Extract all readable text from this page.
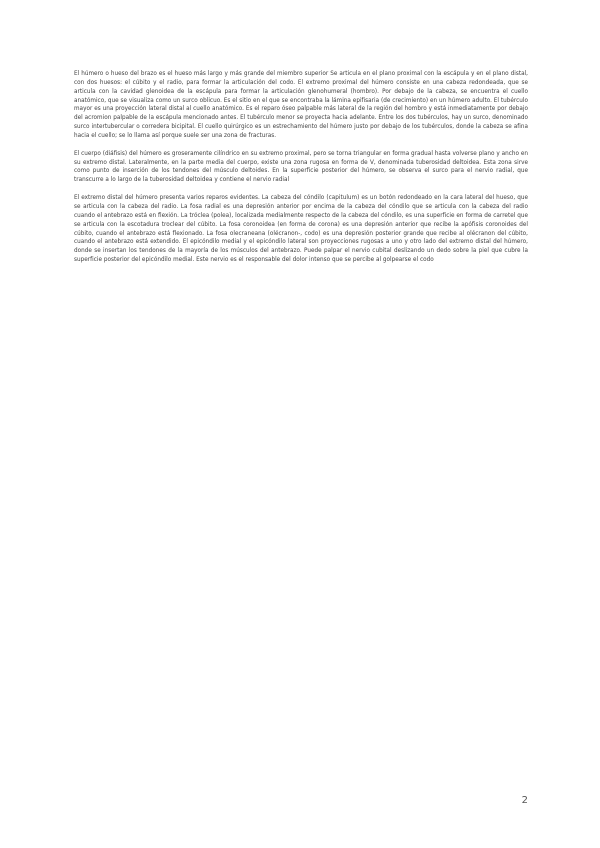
El húmero o hueso del brazo es el hueso más largo y más grande del miembro superior Se articula en el plano proximal con la escápula y en el plano distal, con dos huesos: el cúbito y el radio, para formar la articulación del codo. El extremo proximal del húmero consiste en una cabeza redondeada, que se articula con la cavidad glenoidea de la escápula para formar la articulación glenohumeral (hombro). Por debajo de la cabeza, se encuentra el cuello anatómico, que se visualiza como un surco oblicuo. Es el sitio en el que se encontraba la lámina epifisaria (de crecimiento) en un húmero adulto. El tubérculo mayor es una proyección lateral distal al cuello anatómico. Es el reparo óseo palpable más lateral de la región del hombro y está inmediatamente por debajo del acromion palpable de la escápula mencionado antes. El tubérculo menor se proyecta hacia adelante. Entre los dos tubérculos, hay un surco, denominado surco intertubercular o corredera bicipital. El cuello quirúrgico es un estrechamiento del húmero justo por debajo de los tubérculos, donde la cabeza se afina hacia el cuello; se lo llama así porque suele ser una zona de fracturas.

El cuerpo (diáfisis) del húmero es groseramente cilíndrico en su extremo proximal, pero se torna triangular en forma gradual hasta volverse plano y ancho en su extremo distal. Lateralmente, en la parte media del cuerpo, existe una zona rugosa en forma de V, denominada tuberosidad deltoidea. Esta zona sirve como punto de inserción de los tendones del músculo deltoides. En la superficie posterior del húmero, se observa el surco para el nervio radial, que transcurre a lo largo de la tuberosidad deltoidea y contiene el nervio radial

El extremo distal del húmero presenta varios reparos evidentes. La cabeza del cóndilo (capitulum) es un botón redondeado en la cara lateral del hueso, que se articula con la cabeza del radio. La fosa radial es una depresión anterior por encima de la cabeza del cóndilo que se articula con la cabeza del radio cuando el antebrazo está en flexión. La tróclea (polea), localizada medialmente respecto de la cabeza del cóndilo, es una superficie en forma de carretel que se articula con la escotadura troclear del cúbito. La fosa coronoidea (en forma de corona) es una depresión anterior que recibe la apófisis coronoides del cúbito, cuando el antebrazo está flexionado. La fosa olecraneana (olécranon-, codo) es una depresión posterior grande que recibe al olécranon del cúbito, cuando el antebrazo está extendido. El epicóndilo medial y el epicóndilo lateral son proyecciones rugosas a uno y otro lado del extremo distal del húmero, donde se insertan los tendones de la mayoría de los músculos del antebrazo. Puede palpar el nervio cubital deslizando un dedo sobre la piel que cubre la superficie posterior del epicóndilo medial. Este nervio es el responsable del dolor intenso que se percibe al golpearse el codo

2
